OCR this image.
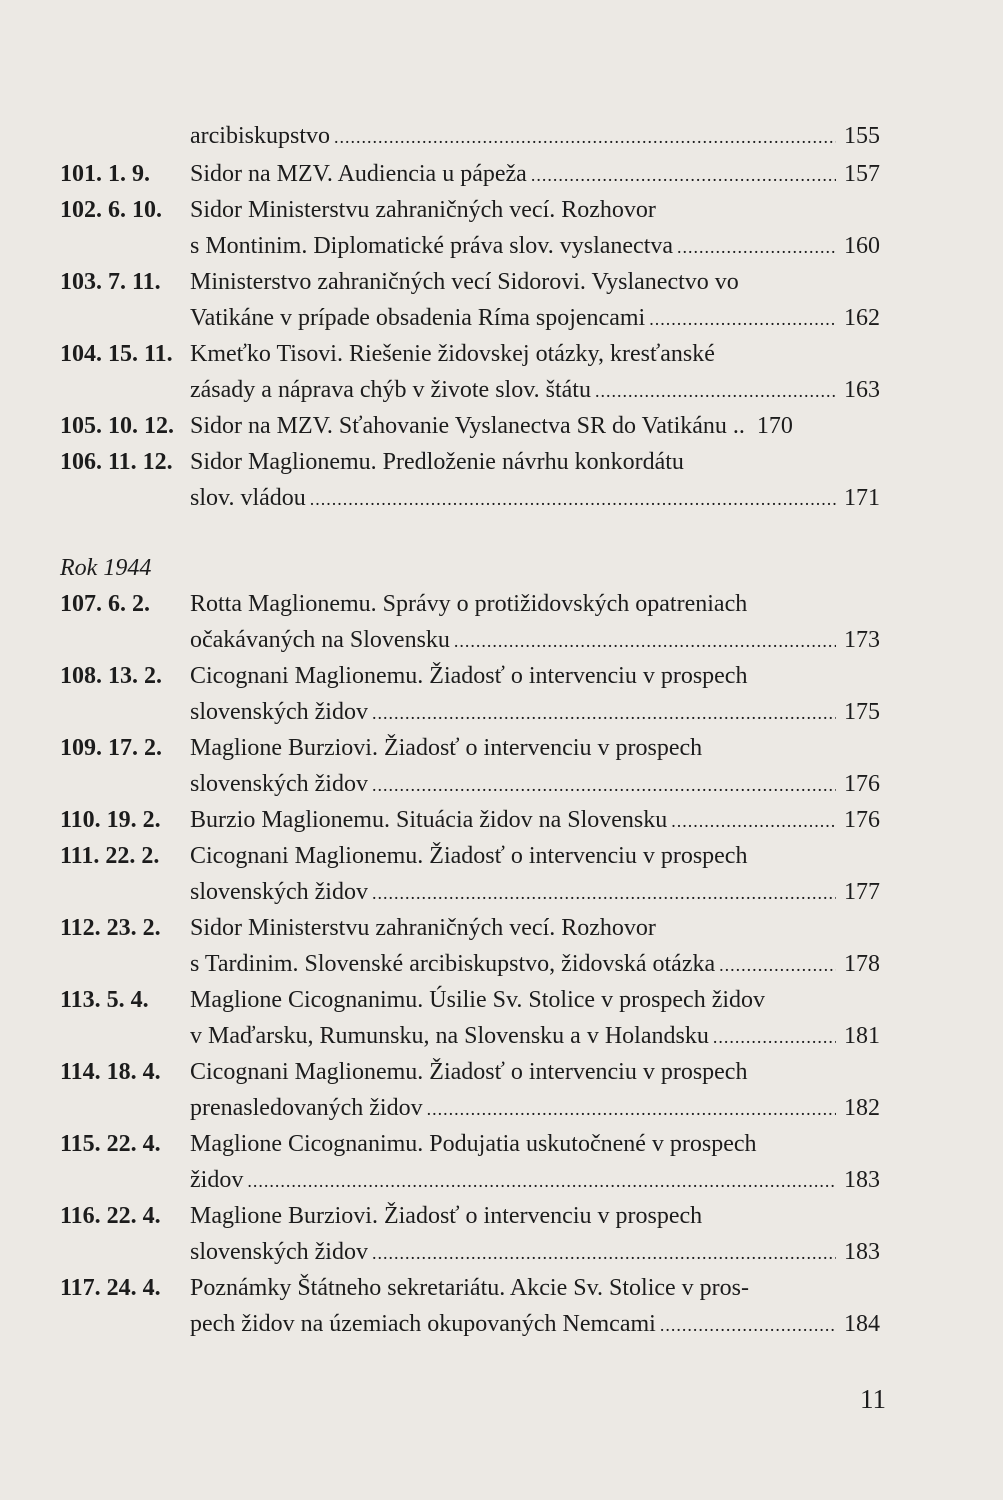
arcibiskupstvo .....	155
101. 1. 9.	Sidor na MZV. Audiencia u pápeža .....	157
102. 6. 10.	Sidor Ministerstvu zahraničných vecí. Rozhovor
s Montinim. Diplomatické práva slov. vyslanectva .....	160
103. 7. 11.	Ministerstvo zahraničných vecí Sidorovi. Vyslanectvo vo
Vatikáne v prípade obsadenia Ríma spojencami .....	162
104. 15. 11. Kmeťko Tisovi. Riešenie židovskej otázky, kresťanské
zásady a náprava chýb v živote slov. štátu .....	163
105. 10. 12. Sidor na MZV. Sťahovanie Vyslanectva SR do Vatikánu .. 170
106. 11. 12. Sidor Maglionemu. Predloženie návrhu konkordátu
slov. vládou .....	171
Rok 1944
107. 6. 2.	Rotta Maglionemu. Správy o protižidovských opatreniach
očakávaných na Slovensku .....	173
108. 13. 2.	Cicognani Maglionemu. Žiadosť o intervenciu v prospech
slovenských židov .....	175
109. 17. 2.	Maglione Burziovi. Žiadosť o intervenciu v prospech
slovenských židov .....	176
110. 19. 2.	Burzio Maglionemu. Situácia židov na Slovensku .....	176
111. 22. 2.	Cicognani Maglionemu. Žiadosť o intervenciu v prospech
slovenských židov .....	177
112. 23. 2.	Sidor Ministerstvu zahraničných vecí. Rozhovor
s Tardinim. Slovenské arcibiskupstvo, židovská otázka .....	178
113. 5. 4.	Maglione Cicognanimu. Úsilie Sv. Stolice v prospech židov
v Maďarsku, Rumunsku, na Slovensku a v Holandsku .....	181
114. 18. 4.	Cicognani Maglionemu. Žiadosť o intervenciu v prospech
prenasledovaných židov .....	182
115. 22. 4.	Maglione Cicognanimu. Podujatia uskutočnené v prospech
židov .....	183
116. 22. 4.	Maglione Burziovi. Žiadosť o intervenciu v prospech
slovenských židov .....	183
117. 24. 4.	Poznámky Štátneho sekretariátu. Akcie Sv. Stolice v pros-
pech židov na územiach okupovaných Nemcami .....	184
11
